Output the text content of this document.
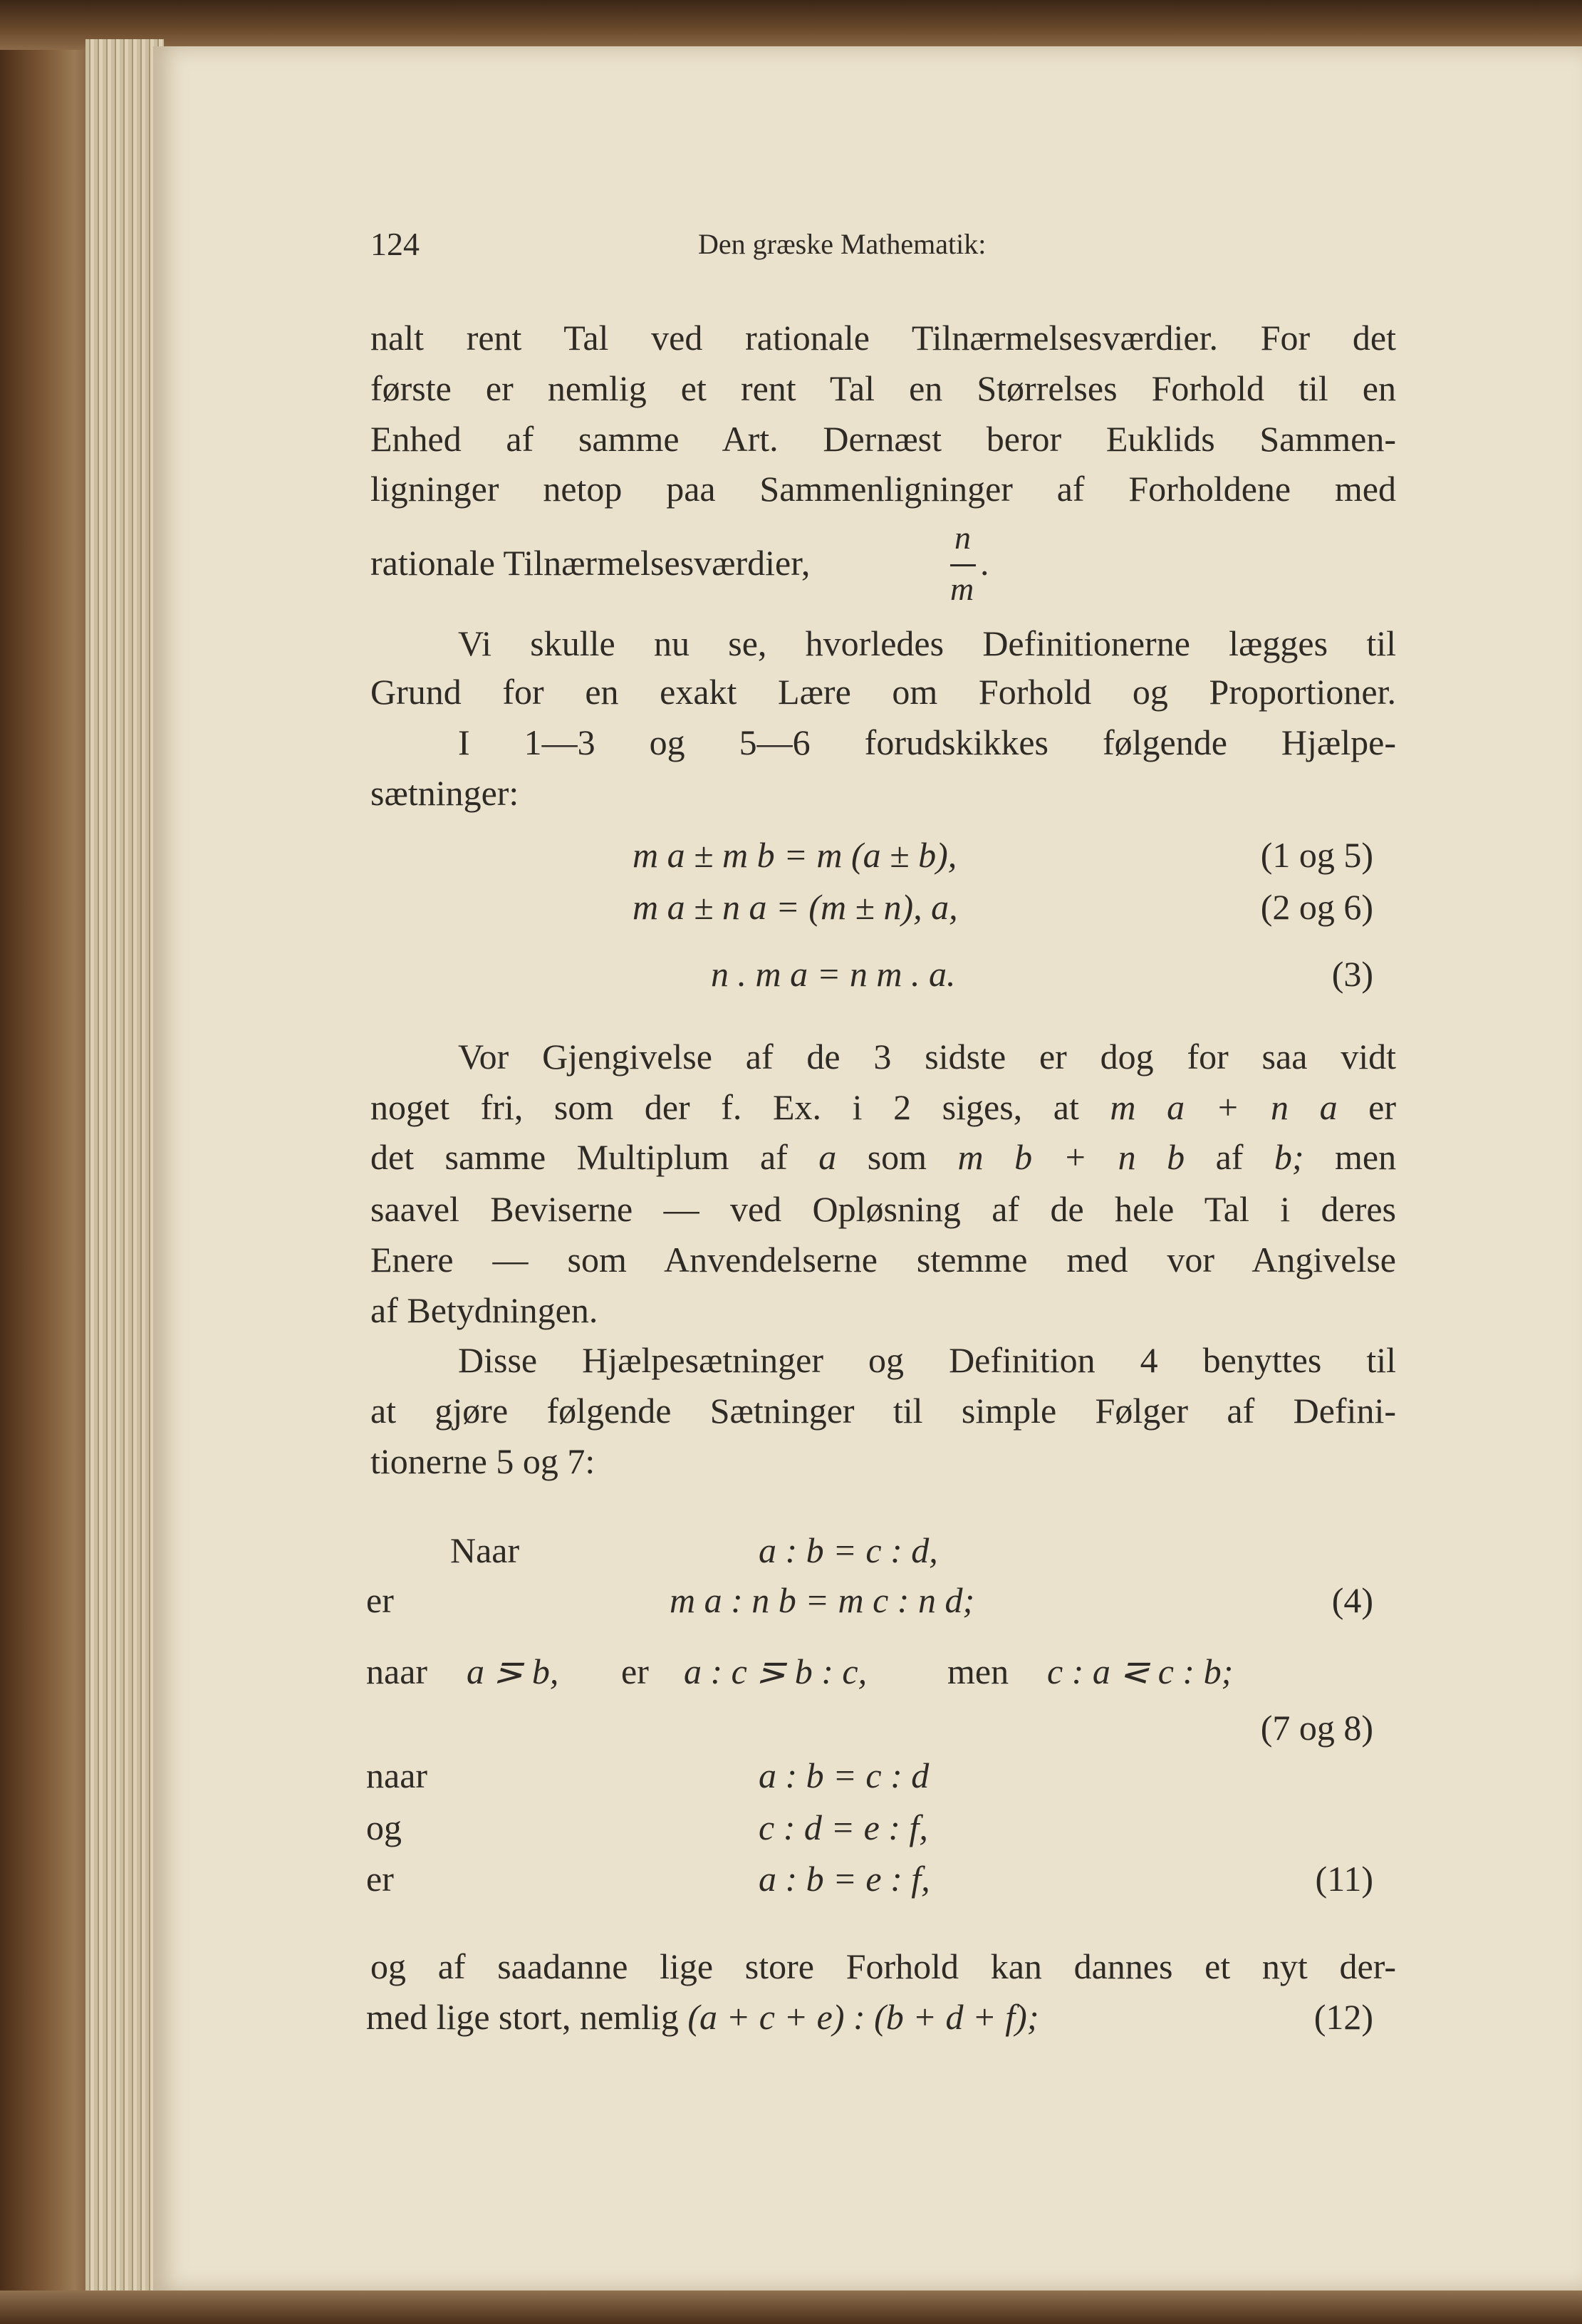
124	Den græske Mathematik:
nalt rent Tal ved rationale Tilnærmelsesværdier. For det
første er nemlig et rent Tal en Størrelses Forhold til en
Enhed af samme Art. Dernæst beror Euklids Sammen-
ligninger netop paa Sammenligninger af Forholdene med
rationale Tilnærmelsesværdier,
n
m
.
Vi skulle nu se, hvorledes Definitionerne lægges til
Grund for en exakt Lære om Forhold og Proportioner.
I 1—3 og 5—6 forudskikkes følgende Hjælpe-
sætninger:
m a ± m b = m (a ± b),	(1 og 5)
m a ± n a = (m ± n), a,	(2 og 6)
n . m a = n m . a.	(3)
Vor Gjengivelse af de 3 sidste er dog for saa vidt
noget fri, som der f. Ex. i 2 siges, at m a + n a er
det samme Multiplum af a som m b + n b af b; men
saavel Beviserne — ved Opløsning af de hele Tal i deres
Enere — som Anvendelserne stemme med vor Angivelse
af Betydningen.
Disse Hjælpesætninger og Definition 4 benyttes til
at gjøre følgende Sætninger til simple Følger af Defini-
tionerne 5 og 7:
Naar	a : b = c : d,
er	m a : n b = m c : n d;	(4)
naar a ⋝ b, er a : c ⋝ b : c, men c : a ⋜ c : b;
(7 og 8)
naar	a : b = c : d
og	c : d = e : f,
er	a : b = e : f,	(11)
og af saadanne lige store Forhold kan dannes et nyt der-
med lige stort, nemlig (a + c + e) : (b + d + f);	(12)
